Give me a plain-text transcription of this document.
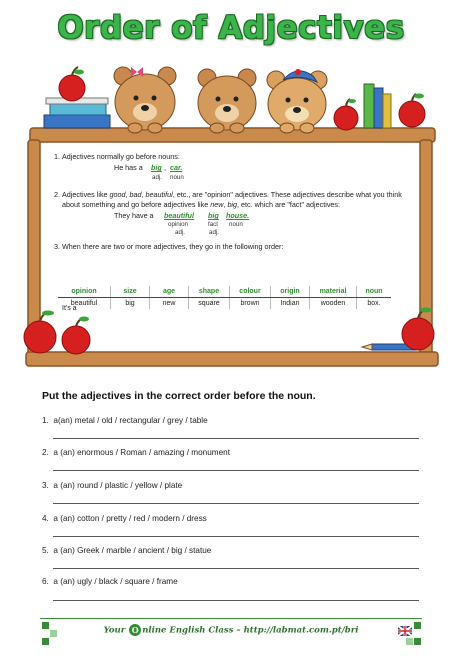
Order of Adjectives
1. Adjectives normally go before nouns:
He has a big , car.
adj. noun
2. Adjectives like good, bad, beautiful, etc., are "opinion" adjectives. These adjectives describe what you think about something and go before adjectives like new, big, etc. which are "fact" adjectives:
They have a beautiful big house.
opinion
adj.
fact
adj.
noun
3. When there are two or more adjectives, they go in the following order:
It's a
opinion	size	age	shape	colour	origin	material	noun
beautiful	big	new	square	brown	Indian	wooden	box.
Put the adjectives in the correct order before the noun.
1. a(an) metal / old / rectangular / grey / table
2. a (an) enormous / Roman / amazing / monument
3. a (an) round / plastic / yellow / plate
4. a (an) cotton / pretty / red / modern / dress
5. a (an) Greek / marble / ancient / big / statue
6. a (an) ugly / black / square / frame
Your O nline English Class – http://labmat.com.pt/bri
